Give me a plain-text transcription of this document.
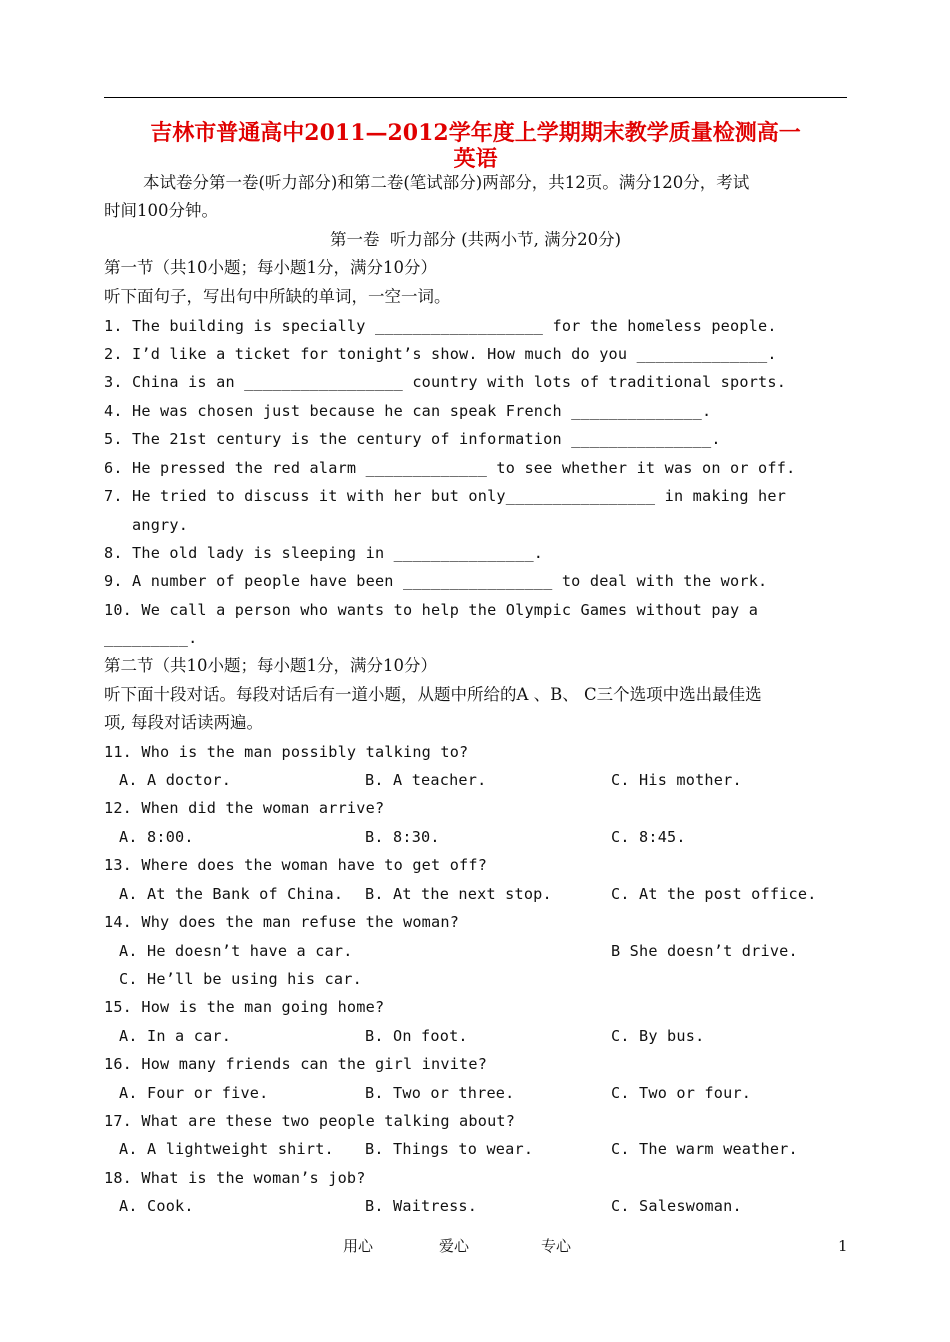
吉林市普通高中2011—2012学年度上学期期末教学质量检测高一
英语
本试卷分第一卷(听力部分)和第二卷(笔试部分)两部分，共12页。满分120分，考试
时间100分钟。
第一卷  听力部分 (共两小节, 满分20分)
第一节（共10小题；每小题1分，满分10分）
听下面句子，写出句中所缺的单词，一空一词。
1. The building is specially __________________ for the homeless people.
2. I’d like a ticket for tonight’s show. How much do you ______________.
3. China is an _________________ country with lots of traditional sports.
4. He was chosen just because he can speak French ______________.
5. The 21st century is the century of information _______________.
6. He pressed the red alarm _____________ to see whether it was on or off.
7. He tried to discuss it with her but only________________ in making her
angry.
8. The old lady is sleeping in _______________.
9. A number of people have been ________________ to deal with the work.
10. We call a person who wants to help the Olympic Games without pay a
_________.
第二节（共10小题；每小题1分，满分10分）
听下面十段对话。每段对话后有一道小题，从题中所给的A 、B、 C三个选项中选出最佳选
项, 每段对话读两遍。
11. Who is the man possibly talking to?
A. A doctor.	B. A teacher.	C. His mother.
12. When did the woman arrive?
A. 8:00.	B. 8:30.	C. 8:45.
13. Where does the woman have to get off?
A. At the Bank of China. B. At the next stop.	C. At the post office.
14. Why does the man refuse the woman?
A. He doesn’t have a car.	B She doesn’t drive.
C. He’ll be using his car.
15. How is the man going home?
A. In a car.	B. On foot.	C. By bus.
16. How many friends can the girl invite?
A. Four or five.	B. Two or three.	C. Two or four.
17. What are these two people talking about?
A. A lightweight shirt. B. Things to wear.	C. The warm weather.
18. What is the woman’s job?
A. Cook.	B. Waitress.	C. Saleswoman.
用心	爱心	专心	1
